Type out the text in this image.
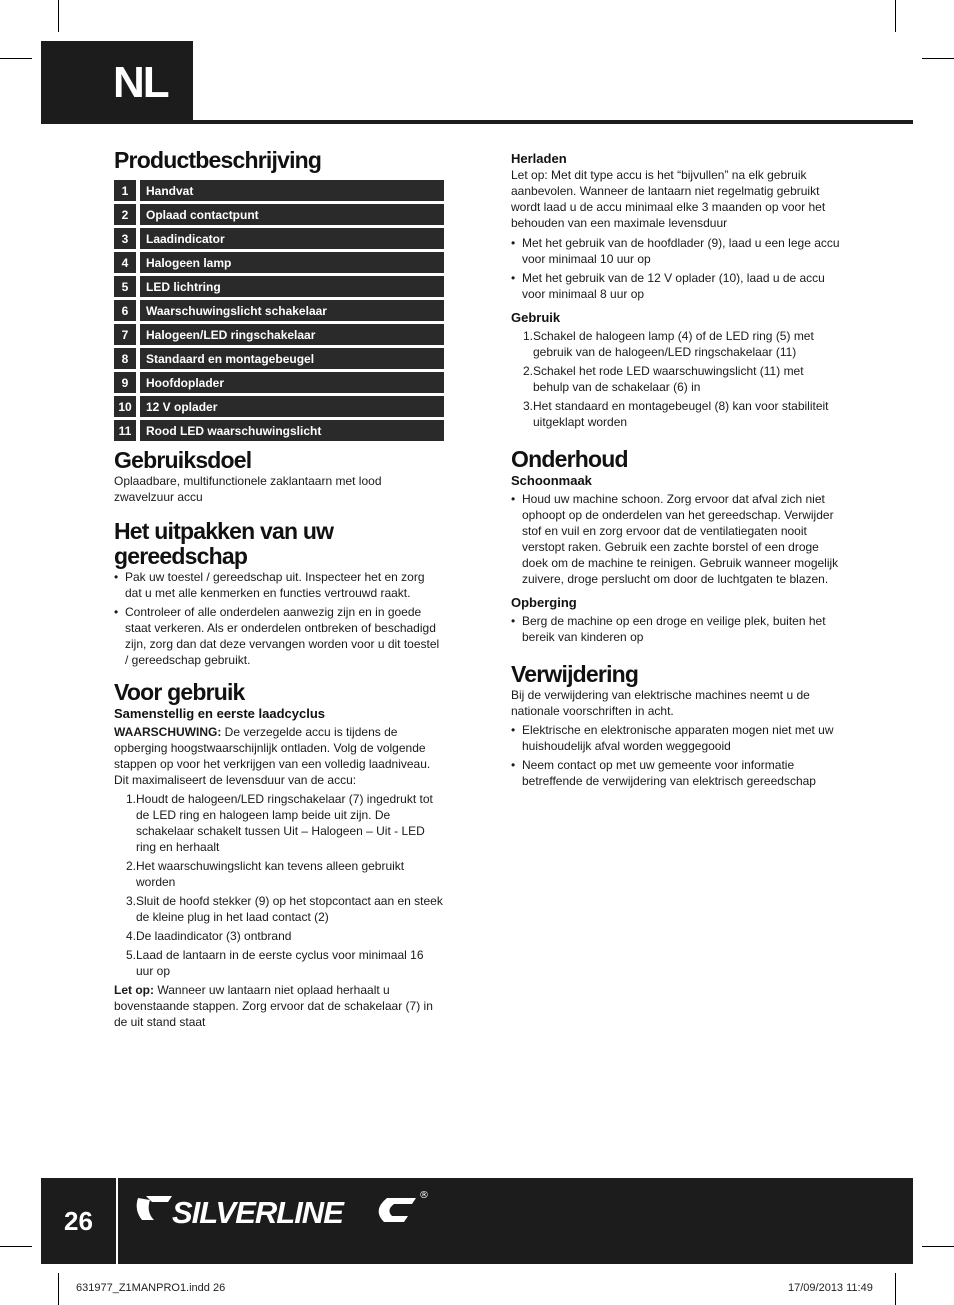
NL
Productbeschrijving
1	Handvat
2	Oplaad contactpunt
3	Laadindicator
4	Halogeen lamp
5	LED lichtring
6	Waarschuwingslicht schakelaar
7	Halogeen/LED ringschakelaar
8	Standaard en montagebeugel
9	Hoofdoplader
10	12 V oplader
11	Rood LED waarschuwingslicht
Gebruiksdoel

Oplaadbare, multifunctionele zaklantaarn met lood zwavelzuur accu

Het uitpakken van uw gereedschap
• Pak uw toestel / gereedschap uit. Inspecteer het en zorg dat u met alle kenmerken en functies vertrouwd raakt.
• Controleer of alle onderdelen aanwezig zijn en in goede staat verkeren. Als er onderdelen ontbreken of beschadigd zijn, zorg dan dat deze vervangen worden voor u dit toestel / gereedschap gebruikt.
Voor gebruik
Samenstellig en eerste laadcyclus

WAARSCHUWING: De verzegelde accu is tijdens de opberging hoogstwaarschijnlijk ontladen. Volg de volgende stappen op voor het verkrijgen van een volledig laadniveau. Dit maximaliseert de levensduur van de accu:

1 . Houdt de halogeen/LED ringschakelaar (7) ingedrukt tot de LED ring en halogeen lamp beide uit zijn. De schakelaar schakelt tussen Uit – Halogeen – Uit - LED ring en herhaalt
2 . Het waarschuwingslicht kan tevens alleen gebruikt worden
3 . Sluit de hoofd stekker (9) op het stopcontact aan en steek de kleine plug in het laad contact (2)
4 . De laadindicator (3) ontbrand
5 . Laad de lantaarn in de eerste cyclus voor minimaal 16 uur op

Let op: Wanneer uw lantaarn niet oplaad herhaalt u bovenstaande stappen. Zorg ervoor dat de schakelaar (7) in de uit stand staat

Herladen

Let op: Met dit type accu is het “bijvullen” na elk gebruik aanbevolen. Wanneer de lantaarn niet regelmatig gebruikt wordt laad u de accu minimaal elke 3 maanden op voor het behouden van een maximale levensduur

• Met het gebruik van de hoofdlader (9), laad u een lege accu voor minimaal 10 uur op
• Met het gebruik van de 12 V oplader (10), laad u de accu voor minimaal 8 uur op
Gebruik
1 . Schakel de halogeen lamp (4) of de LED ring (5) met gebruik van de halogeen/LED ringschakelaar (11)
2 . Schakel het rode LED waarschuwingslicht (11) met behulp van de schakelaar (6) in
3 . Het standaard en montagebeugel (8) kan voor stabiliteit uitgeklapt worden
Onderhoud
Schoonmaak
• Houd uw machine schoon. Zorg ervoor dat afval zich niet ophoopt op de onderdelen van het gereedschap. Verwijder stof en vuil en zorg ervoor dat de ventilatiegaten nooit verstopt raken. Gebruik een zachte borstel of een droge doek om de machine te reinigen. Gebruik wanneer mogelijk zuivere, droge perslucht om door de luchtgaten te blazen.
Opberging
• Berg de machine op een droge en veilige plek, buiten het bereik van kinderen op
Verwijdering

Bij de verwijdering van elektrische machines neemt u de nationale voorschriften in acht.

• Elektrische en elektronische apparaten mogen niet met uw huishoudelijk afval worden weggegooid
• Neem contact op met uw gemeente voor informatie betreffende de verwijdering van elektrisch gereedschap
26	SILVERLINE	®
631977_Z1MANPRO1.indd 26	17/09/2013 11:49
